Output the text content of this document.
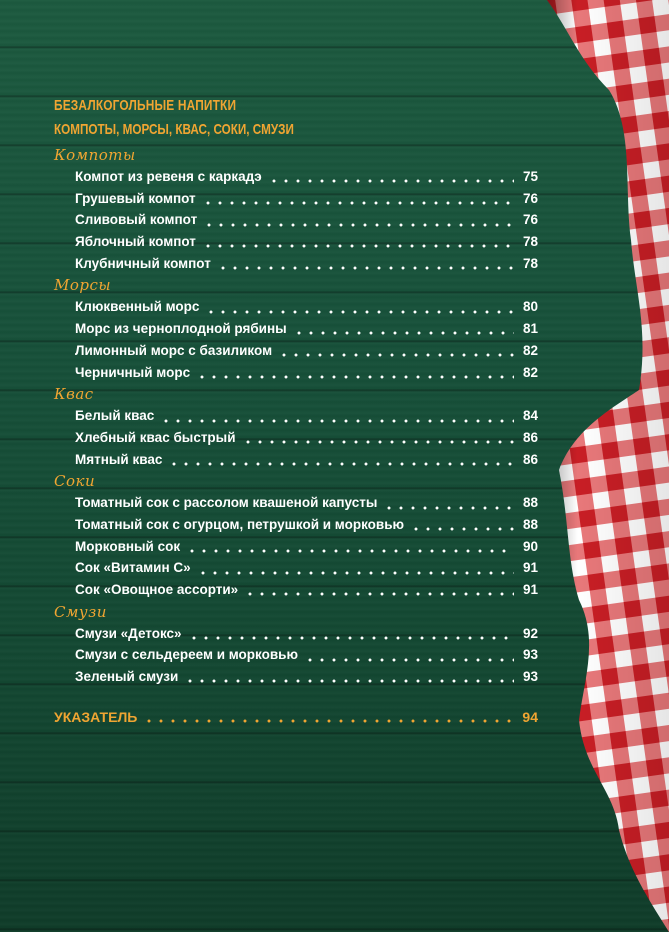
БЕЗАЛКОГОЛЬНЫЕ НАПИТКИ
КОМПОТЫ, МОРСЫ, КВАС, СОКИ, СМУЗИ
Компоты
Компот из ревеня с каркадэ	75
Грушевый компот	76
Сливовый компот	76
Яблочный компот	78
Клубничный компот	78
Морсы
Клюквенный морс	80
Морс из черноплодной рябины	81
Лимонный морс с базиликом	82
Черничный морс	82
Квас
Белый квас	84
Хлебный квас быстрый	86
Мятный квас	86
Соки
Томатный сок с рассолом квашеной капусты	88
Томатный сок с огурцом, петрушкой и морковью	88
Морковный сок	90
Сок «Витамин С»	91
Сок «Овощное ассорти»	91
Смузи
Смузи «Детокс»	92
Смузи с сельдереем и морковью	93
Зеленый смузи	93
УКАЗАТЕЛЬ	94
